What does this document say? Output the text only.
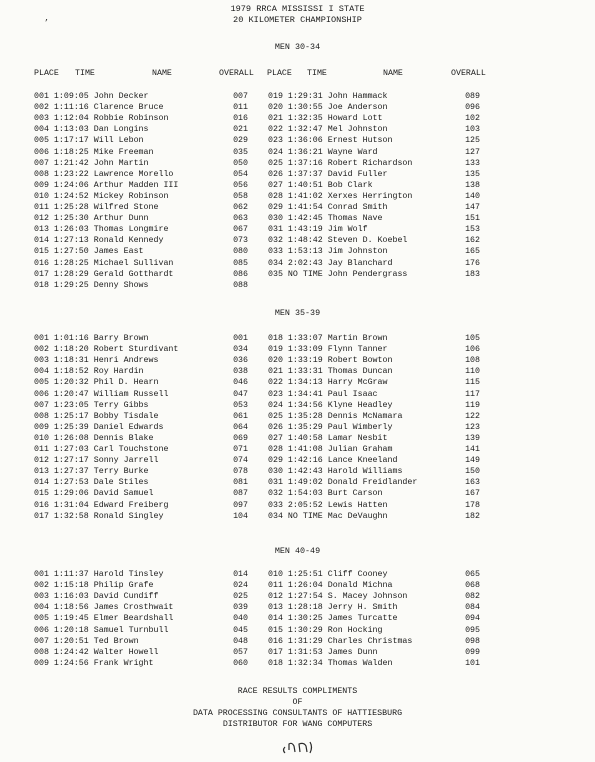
1979 RRCA MISSISSI I STATE
20 KILOMETER CHAMPIONSHIP
’
MEN 30-34
PLACE TIME	NAME	OVERALL PLACE TIME	NAME	OVERALL
001 1:09:05 John Decker	007
002 1:11:16 Clarence Bruce	011
003 1:12:04 Robbie Robinson	016
004 1:13:03 Dan Longins	021
005 1:17:17 Will Lebon	029
006 1:18:25 Mike Freeman	035
007 1:21:42 John Martin	050
008 1:23:22 Lawrence Morello	054
009 1:24:06 Arthur Madden III	056
010 1:24:52 Mickey Robinson	058
011 1:25:28 Wilfred Stone	062
012 1:25:30 Arthur Dunn	063
013 1:26:03 Thomas Longmire	067
014 1:27:13 Ronald Kennedy	073
015 1:27:50 James East	080
016 1:28:25 Michael Sullivan	085
017 1:28:29 Gerald Gotthardt	086
018 1:29:25 Denny Shows	088
019 1:29:31 John Hammack	089
020 1:30:55 Joe Anderson	096
021 1:32:35 Howard Lott	102
022 1:32:47 Mel Johnston	103
023 1:36:06 Ernest Hutson	125
024 1:36:21 Wayne Ward	127
025 1:37:16 Robert Richardson	133
026 1:37:37 David Fuller	135
027 1:40:51 Bob Clark	138
028 1:41:02 Xerxes Herrington	140
029 1:41:54 Conrad Smith	147
030 1:42:45 Thomas Nave	151
031 1:43:19 Jim Wolf	153
032 1:48:42 Steven D. Koebel	162
033 1:53:13 Jim Johnston	165
034 2:02:43 Jay Blanchard	176
035 NO TIME John Pendergrass	183
001 1:01:16 Barry Brown	001
002 1:18:20 Robert Sturdivant	034
003 1:18:31 Henri Andrews	036
004 1:18:52 Roy Hardin	038
005 1:20:32 Phil D. Hearn	046
006 1:20:47 William Russell	047
007 1:23:05 Terry Gibbs	053
008 1:25:17 Bobby Tisdale	061
009 1:25:39 Daniel Edwards	064
010 1:26:08 Dennis Blake	069
011 1:27:03 Carl Touchstone	071
012 1:27:17 Sonny Jarrell	074
013 1:27:37 Terry Burke	078
014 1:27:53 Dale Stiles	081
015 1:29:06 David Samuel	087
016 1:31:04 Edward Freiberg	097
017 1:32:58 Ronald Singley	104
018 1:33:07 Martin Brown	105
019 1:33:09 Flynn Tanner	106
020 1:33:19 Robert Bowton	108
021 1:33:31 Thomas Duncan	110
022 1:34:13 Harry McGraw	115
023 1:34:41 Paul Isaac	117
024 1:34:56 Klyne Headley	119
025 1:35:28 Dennis McNamara	122
026 1:35:29 Paul Wimberly	123
027 1:40:58 Lamar Nesbit	139
028 1:41:08 Julian Graham	141
029 1:42:16 Lance Kneeland	149
030 1:42:43 Harold Williams	150
031 1:49:02 Donald Freidlander	163
032 1:54:03 Burt Carson	167
033 2:05:52 Lewis Hatten	178
034 NO TIME Mac DeVaughn	182
001 1:11:37 Harold Tinsley	014
002 1:15:18 Philip Grafe	024
003 1:16:03 David Cundiff	025
004 1:18:56 James Crosthwait	039
005 1:19:45 Elmer Beardshall	040
006 1:20:18 Samuel Turnbull	045
007 1:20:51 Ted Brown	048
008 1:24:42 Walter Howell	057
009 1:24:56 Frank Wright	060
010 1:25:51 Cliff Cooney	065
011 1:26:04 Donald Michna	068
012 1:27:54 S. Macey Johnson	082
013 1:28:18 Jerry H. Smith	084
014 1:30:25 James Turcatte	094
015 1:30:29 Ron Hocking	095
016 1:31:29 Charles Christmas	098
017 1:31:53 James Dunn	099
018 1:32:34 Thomas Walden	101
MEN 35-39
MEN 40-49
RACE RESULTS COMPLIMENTS
OF
DATA PROCESSING CONSULTANTS OF HATTIESBURG
DISTRIBUTOR FOR WANG COMPUTERS
